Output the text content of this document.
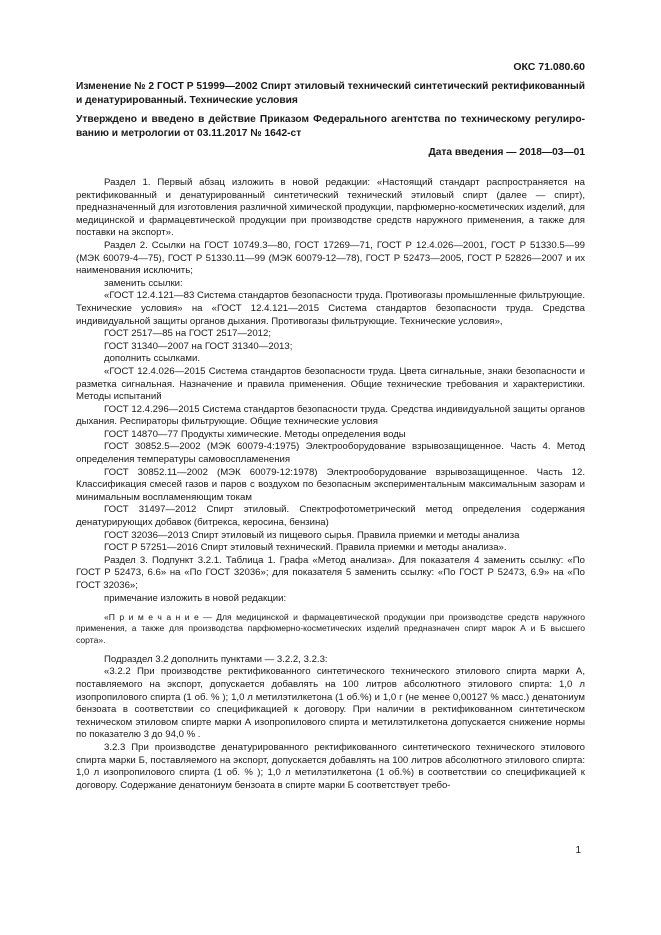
ОКС 71.080.60
Изменение № 2 ГОСТ Р 51999—2002 Спирт этиловый технический синтетический ректификованный и денатурированный. Технические условия
Утверждено и введено в действие Приказом Федерального агентства по техническому регулированию и метрологии от 03.11.2017 № 1642-ст
Дата введения — 2018—03—01

Раздел 1. Первый абзац изложить в новой редакции: «Настоящий стандарт распространяется на ректификованный и денатурированный синтетический технический этиловый спирт (далее — спирт), предназначенный для изготовления различной химической продукции, парфюмерно-косметических изделий, для медицинской и фармацевтической продукции при производстве средств наружного применения, а также для поставки на экспорт».

Раздел 2. Ссылки на ГОСТ 10749.3—80, ГОСТ 17269—71, ГОСТ Р 12.4.026—2001, ГОСТ Р 51330.5—99 (МЭК 60079-4—75), ГОСТ Р 51330.11—99 (МЭК 60079-12—78), ГОСТ Р 52473—2005, ГОСТ Р 52826—2007 и их наименования исключить;

заменить ссылки:

«ГОСТ 12.4.121—83 Система стандартов безопасности труда. Противогазы промышленные фильтрующие. Технические условия» на «ГОСТ 12.4.121—2015 Система стандартов безопасности труда. Средства индивидуальной защиты органов дыхания. Противогазы фильтрующие. Технические условия»,

ГОСТ 2517—85 на ГОСТ 2517—2012;

ГОСТ 31340—2007 на ГОСТ 31340—2013;

дополнить ссылками.

«ГОСТ 12.4.026—2015 Система стандартов безопасности труда. Цвета сигнальные, знаки безопасности и разметка сигнальная. Назначение и правила применения. Общие технические требования и характеристики. Методы испытаний

ГОСТ 12.4.296—2015 Система стандартов безопасности труда. Средства индивидуальной защиты органов дыхания. Респираторы фильтрующие. Общие технические условия

ГОСТ 14870—77 Продукты химические. Методы определения воды

ГОСТ 30852.5—2002 (МЭК 60079-4:1975) Электрооборудование взрывозащищенное. Часть 4. Метод определения температуры самовоспламенения

ГОСТ 30852.11—2002 (МЭК 60079-12:1978) Электрооборудование взрывозащищенное. Часть 12. Классификация смесей газов и паров с воздухом по безопасным экспериментальным максимальным зазорам и минимальным воспламеняющим токам

ГОСТ 31497—2012 Спирт этиловый. Спектрофотометрический метод определения содержания денатурирующих добавок (битрекса, керосина, бензина)

ГОСТ 32036—2013 Спирт этиловый из пищевого сырья. Правила приемки и методы анализа

ГОСТ Р 57251—2016 Спирт этиловый технический. Правила приемки и методы анализа».

Раздел 3. Подпункт 3.2.1. Таблица 1. Графа «Метод анализа». Для показателя 4 заменить ссылку: «По ГОСТ Р 52473, 6.6» на «По ГОСТ 32036»; для показателя 5 заменить ссылку: «По ГОСТ Р 52473, 6.9» на «По ГОСТ 32036»;

примечание изложить в новой редакции:

«П р и м е ч а н и е — Для медицинской и фармацевтической продукции при производстве средств наружного применения, а также для производства парфюмерно-косметических изделий предназначен спирт марок А и Б высшего сорта».

Подраздел 3.2 дополнить пунктами — 3.2.2, 3.2.3:

«3.2.2 При производстве ректификованного синтетического технического этилового спирта марки А, поставляемого на экспорт, допускается добавлять на 100 литров абсолютного этилового спирта: 1,0 л изопропилового спирта (1 об. % ); 1,0 л метилэтилкетона (1 об.%) и 1,0 г (не менее 0,00127 % масс.) денатониум бензоата в соответствии со спецификацией к договору. При наличии в ректификованном синтетическом техническом этиловом спирте марки А изопропилового спирта и метилэтилкетона допускается снижение нормы по показателю 3 до 94,0 % .

3.2.3 При производстве денатурированного ректификованного синтетического технического этилового спирта марки Б, поставляемого на экспорт, допускается добавлять на 100 литров абсолютного этилового спирта: 1,0 л изопропилового спирта (1 об. % ); 1,0 л метилэтилкетона (1 об.%) в соответствии со спецификацией к договору. Содержание денатониум бензоата в спирте марки Б соответствует требо-

1
